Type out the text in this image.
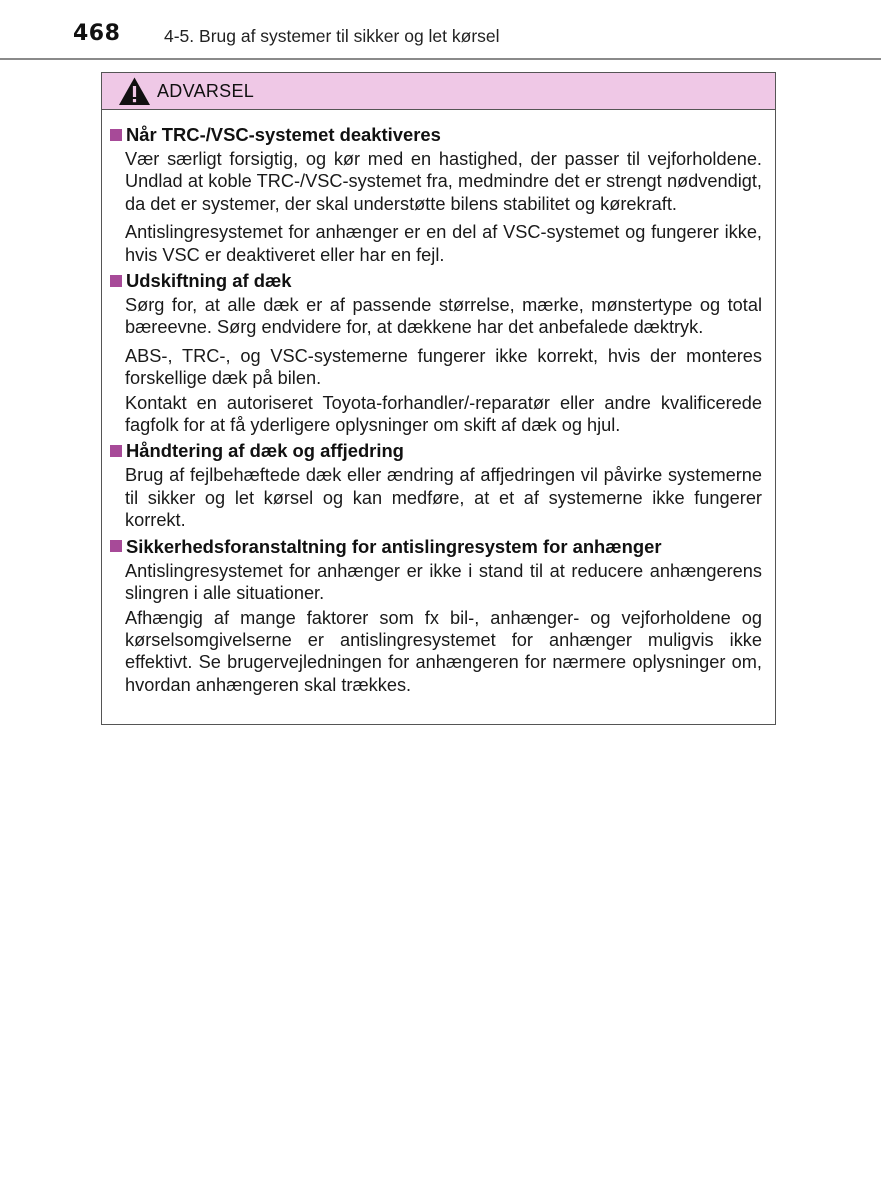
468 4-5. Brug af systemer til sikker og let kørsel
ADVARSEL
Når TRC-/VSC-systemet deaktiveres

Vær særligt forsigtig, og kør med en hastighed, der passer til vejforholdene. Undlad at koble TRC-/VSC-systemet fra, medmindre det er strengt nødvendigt, da det er systemer, der skal understøtte bilens stabilitet og kørekraft.

Antislingresystemet for anhænger er en del af VSC-systemet og fungerer ikke, hvis VSC er deaktiveret eller har en fejl.

Udskiftning af dæk

Sørg for, at alle dæk er af passende størrelse, mærke, mønstertype og total bæreevne. Sørg endvidere for, at dækkene har det anbefalede dæktryk.

ABS-, TRC-, og VSC-systemerne fungerer ikke korrekt, hvis der monteres forskellige dæk på bilen.

Kontakt en autoriseret Toyota-forhandler/-reparatør eller andre kvalificerede fagfolk for at få yderligere oplysninger om skift af dæk og hjul.

Håndtering af dæk og affjedring

Brug af fejlbehæftede dæk eller ændring af affjedringen vil påvirke systemerne til sikker og let kørsel og kan medføre, at et af systemerne ikke fungerer korrekt.

Sikkerhedsforanstaltning for antislingresystem for anhænger

Antislingresystemet for anhænger er ikke i stand til at reducere anhængerens slingren i alle situationer.

Afhængig af mange faktorer som fx bil-, anhænger- og vejforholdene og kørselsomgivelserne er antislingresystemet for anhænger muligvis ikke effektivt. Se brugervejledningen for anhængeren for nærmere oplysninger om, hvordan anhængeren skal trækkes.
